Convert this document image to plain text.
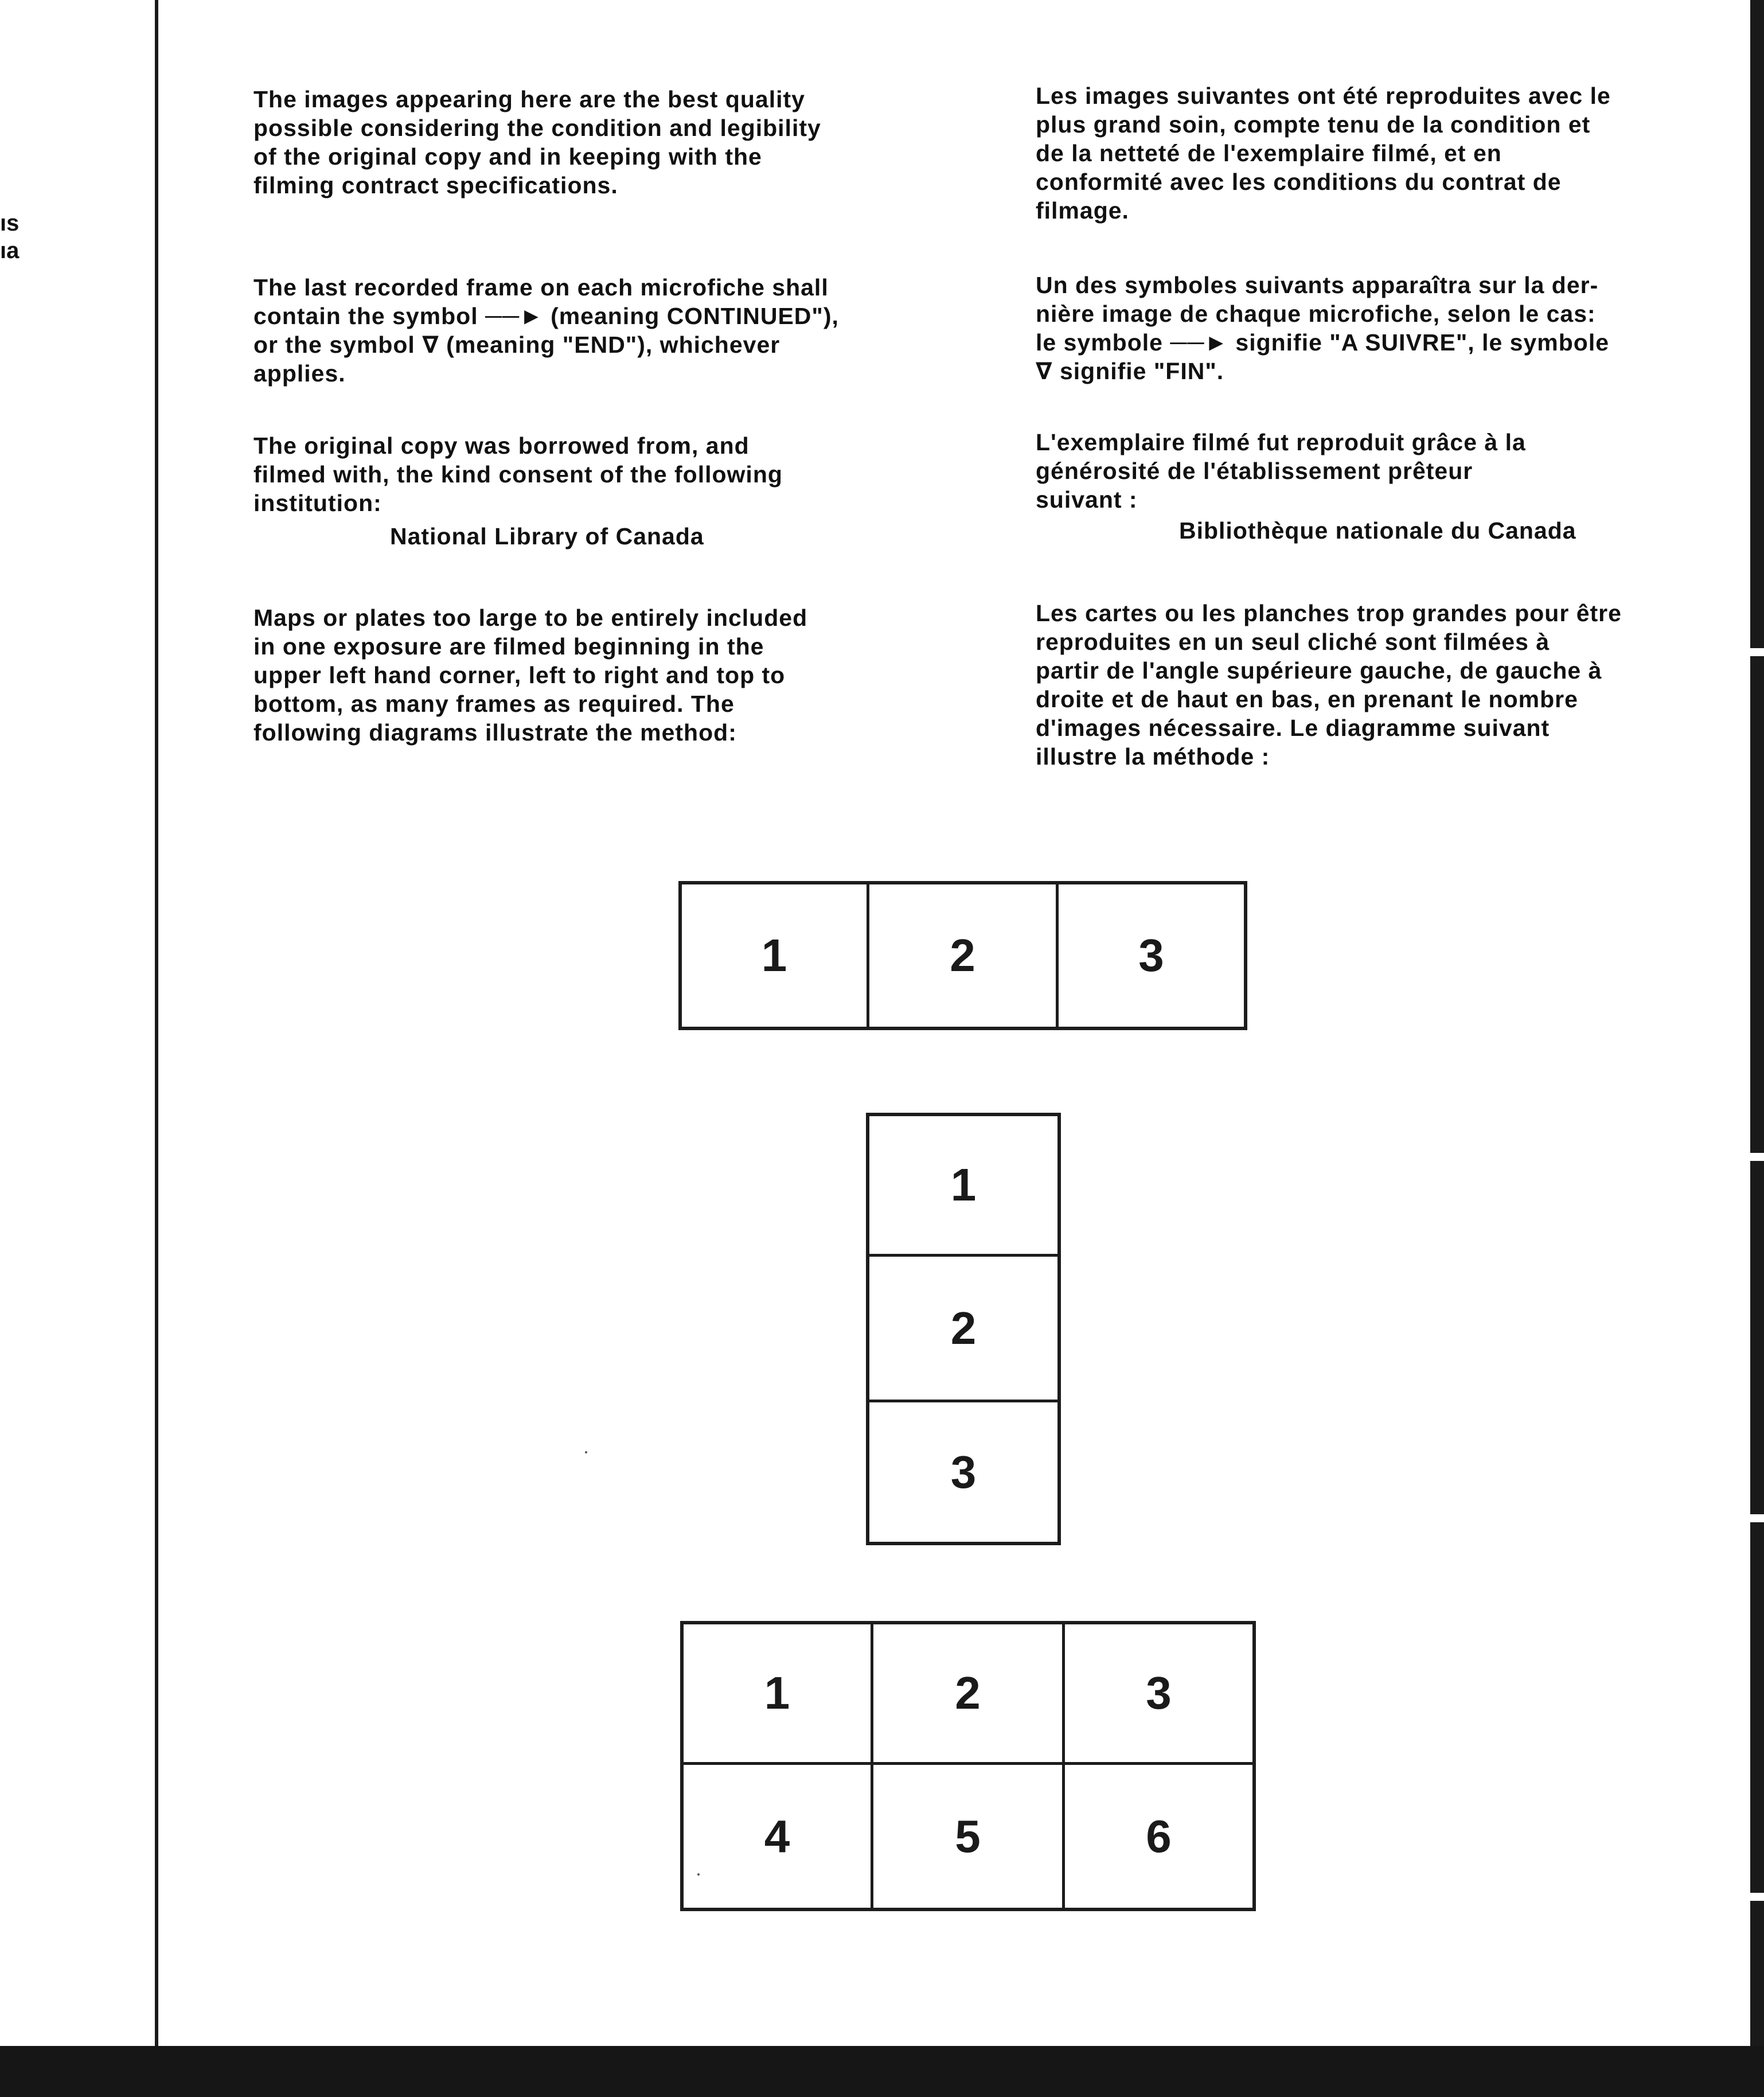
ıs
ıa

The images appearing here are the best quality
possible considering the condition and legibility
of the original copy and in keeping with the
filming contract specifications.

The last recorded frame on each microfiche shall
contain the symbol ──► (meaning CONTINUED"),
or the symbol ∇ (meaning "END"), whichever
applies.

The original copy was borrowed from, and
filmed with, the kind consent of the following
institution:

National Library of Canada

Maps or plates too large to be entirely included
in one exposure are filmed beginning in the
upper left hand corner, left to right and top to
bottom, as many frames as required. The
following diagrams illustrate the method:

Les images suivantes ont été reproduites avec le
plus grand soin, compte tenu de la condition et
de la netteté de l'exemplaire filmé, et en
conformité avec les conditions du contrat de
filmage.

Un des symboles suivants apparaîtra sur la der-
nière image de chaque microfiche, selon le cas:
le symbole ──► signifie "A SUIVRE", le symbole
∇ signifie "FIN".

L'exemplaire filmé fut reproduit grâce à la
générosité de l'établissement prêteur
suivant :

Bibliothèque nationale du Canada

Les cartes ou les planches trop grandes pour être
reproduites en un seul cliché sont filmées à
partir de l'angle supérieure gauche, de gauche à
droite et de haut en bas, en prenant le nombre
d'images nécessaire. Le diagramme suivant
illustre la méthode :

1	2	3
1
2
3
1	2	3
4	5	6
